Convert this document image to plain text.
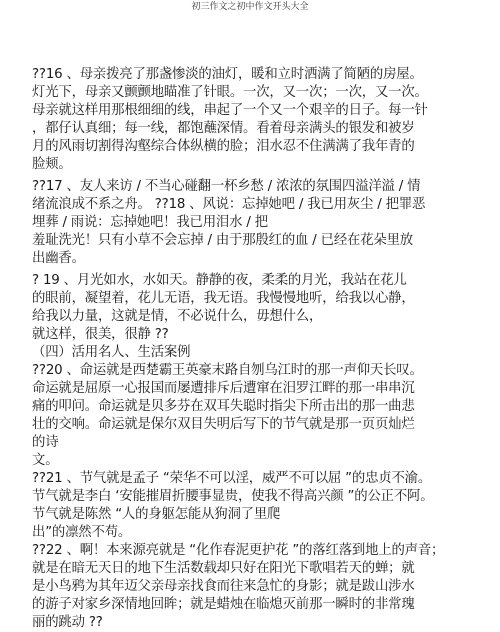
初三作文之初中作文开头大全
??16 、母亲拨亮了那盏惨淡的油灯，暖和立时洒满了简陋的房屋。
灯光下，母亲又颤颤地瞄准了针眼。一次，又一次；一次，又一次。
母亲就这样用那根细细的线，串起了一个又一个艰辛的日子。每一针
，都仔认真细；每一线，都饱蘸深情。看着母亲满头的银发和被岁
月的风雨切割得沟壑综合体纵横的脸；泪水忍不住满满了我年青的
脸颊。
??17 、友人来访 / 不当心碰翻一杯乡愁 / 浓浓的氛围四溢洋溢 / 情
绪流浪成不系之舟。 ??18 、风说：忘掉她吧 / 我已用灰尘 / 把罪恶
埋葬 / 雨说：忘掉她吧！我已用泪水 / 把
羞耻洗光！只有小草不会忘掉 / 由于那殷红的血 / 已经在花朵里放
出幽香。
? 19 、月光如水，水如天。静静的夜，柔柔的月光，我站在花儿
的眼前，凝望着，花儿无语，我无语。我慢慢地听，给我以心静，
给我以力量，这就是情，不必说什么，毋想什么，
就这样，很美，很静 ??
（四）活用名人、生活案例
??20 、命运就是西楚霸王英豪末路自刎乌江时的那一声仰天长叹。
命运就是屈原一心报国而屡遭排斥后遭窜在汨罗江畔的那一串串沉
痛的叩问。命运就是贝多芬在双耳失聪时指尖下所击出的那一曲悲
壮的交响。命运就是保尔双目失明后写下的节气就是那一页页灿烂
的诗
文。
??21 、节气就是孟子 “荣华不可以淫，威严不可以屈 ”的忠贞不渝。
节气就是李白 ‘安能摧眉折腰事显贵，使我不得高兴颜 ”的公正不阿。
节气就是陈然 “人的身躯怎能从狗洞了里爬
出”的凛然不苟。
??22 、啊！本来源亮就是 “化作春泥更护花 ”的落红落到地上的声音；
就是在暗无天日的地下生活数载却只好在阳光下歌唱若天的蝉；就
是小鸟鸦为其年迈父亲母亲找食而往来急忙的身影；就是跋山涉水
的游子对家乡深情地回眸；就是蜡烛在临熄灭前那一瞬时的非常瑰
丽的跳动 ??
